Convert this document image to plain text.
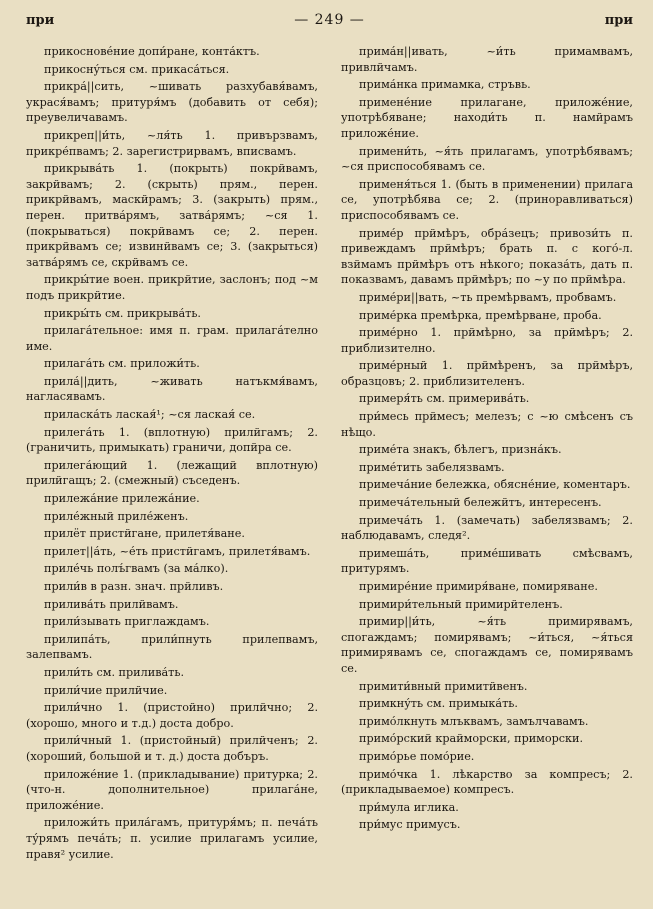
при	— 249 —	при

прикоснове́ние допи́ране, конта́ктъ.

прикосну́ться см. прикаса́ться.

прикра́||сить, ~шивать разхубавя́вамъ, украся́вамъ; притуря́мъ (добавить от себя); преувеличавамъ.

прикреп||и́ть, ~ля́ть 1. привързвамъ, прикре́пвамъ; 2. зарегистрирвамъ, вписвамъ.

прикрыва́ть 1. (покрыть) покрйвамъ, закрйвамъ; 2. (скрыть) прям., перен. прикрйвамъ, маскйрамъ; 3. (закрыть) прям., перен. притва́рямъ, затва́рямъ; ~ся 1. (покрываться) покрйвамъ се; 2. перен. прикрйвамъ се; извинйвамъ се; 3. (закрыться) затва́рямъ се, скрйвамъ се.

прикры́тие воен. прикрйтие, заслонъ; под ~м подъ прикрйтие.

прикры́ть см. прикрыва́ть.

прилага́тельное: имя п. грам. прилага́телно име.

прилага́ть см. приложи́ть.

прила́||дить, ~живать натъкмя́вамъ, нагласявамъ.

приласка́ть лаская́¹; ~ся лаская́ се.

прилега́ть 1. (вплотную) прилйгамъ; 2. (граничить, примыкать) граничи, допйра се.

прилега́ющий 1. (лежащий вплотную) прилйгащъ; 2. (смежный) съседенъ.

прилежа́ние прилежа́ние.

приле́жный приле́женъ.

прилёт пристйгане, прилетя́ване.

прилет||а́ть, ~е́ть пристйгамъ, прилетя́вамъ.

приле́чь полъ́гвамъ (за ма́лко).

прили́в в разн. знач. прйливъ.

прилива́ть прилйвамъ.

прили́зывать приглаждамъ.

прилипа́ть, прили́пнуть прилепвамъ, залепвамъ.

прили́ть см. прилива́ть.

прили́чие прилйчие.

прили́чно 1. (пристойно) прилйчно; 2. (хорошо, много и т.д.) доста добро.

прили́чный 1. (пристойный) прилйченъ; 2. (хороший, большой и т. д.) доста добъръ.

приложе́ние 1. (прикладывание) притурка; 2. (что-н. дополнительное) прилага́не, приложе́ние.

приложи́ть прила́гамъ, притуря́мъ; п. печа́ть ту́рямъ печа́ть; п. усилие прилагамъ усилие, правя² усилие.

прима́н||ивать, ~и́ть примамвамъ, привлйчамъ.

прима́нка примамка, стръвь.

примене́ние прилагане, приложе́ние, употрѣбяване; находи́ть п. намйрамъ приложе́ние.

примени́ть, ~я́ть прилагамъ, употрѣбявамъ; ~ся приспособявамъ се.

применя́ться 1. (быть в применении) прилага се, употрѣбява се; 2. (приноравливаться) приспособявамъ се.

приме́р прймѣръ, обра́зецъ; привози́ть п. привеждамъ прймѣръ; брать п. с кого́-л. взймамъ прймѣръ отъ нѣкого; показа́ть, дать п. показвамъ, давамъ прймѣръ; по ~у по прймѣра.

приме́ри||вать, ~ть премѣрвамъ, пробвамъ.

приме́рка премѣрка, премѣрване, проба.

приме́рно 1. прймѣрно, за прймѣръ; 2. приблизително.

приме́рный 1. прймѣренъ, за прймѣръ, образцовъ; 2. приблизителенъ.

примеря́ть см. примерива́ть.

при́месь прймесъ; мелезъ; с ~ю смѣсенъ съ нѣщо.

приме́та знакъ, бѣлегъ, призна́къ.

приме́тить забелязвамъ.

примеча́ние бележка, обясне́ние, коментаръ.

примеча́тельный бележйтъ, интересенъ.

примеча́ть 1. (замечать) забелязвамъ; 2. наблюдавамъ, следя².

примеша́ть, приме́шивать смѣсвамъ, притурямъ.

примире́ние примиря́ване, помиряване.

примири́тельный примирйтеленъ.

примир||и́ть, ~я́ть примирявамъ, спогаждамъ; помирявамъ; ~и́ться, ~я́ться примирявамъ се, спогаждамъ се, помирявамъ се.

примити́вный примитйвенъ.

примкну́ть см. примыка́ть.

примо́лкнуть млъквамъ, замълчавамъ.

примо́рский крайморски, приморски.

примо́рье помо́рие.

примо́чка 1. лѣкарство за компресъ; 2. (прикладываемое) компресъ.

при́мула иглика.

при́мус примусъ.
